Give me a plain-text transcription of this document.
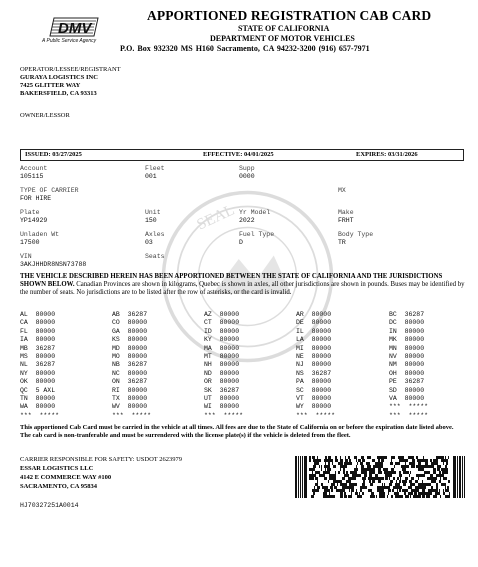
DMV
A Public Service Agency
APPORTIONED REGISTRATION CAB CARD
STATE OF CALIFORNIA
DEPARTMENT OF MOTOR VEHICLES
P.O. Box 932320 MS H160 Sacramento, CA 94232-3200 (916) 657-7971
OPERATOR/LESSEE/REGISTRANT
GURAYA LOGISTICS INC
7425 GLITTER WAY
BAKERSFIELD, CA 93313
OWNER/LESSOR
ISSUED: 03/27/2025	EFFECTIVE: 04/01/2025	EXPIRES: 03/31/2026
SEAL
Account
105115
Fleet
001
Supp
0000
TYPE OF CARRIER
FOR HIRE
MX
Plate
YP14929
Unit
150
Yr Model
2022
Make
FRHT
Unladen Wt
17500
Axles
03
Fuel Type
D
Body Type
TR
VIN
3AKJHHDR8NSN73788
Seats
THE VEHICLE DESCRIBED HEREIN HAS BEEN APPORTIONED BETWEEN THE STATE OF CALIFORNIA AND THE JURISDICTIONS SHOWN BELOW. Canadian Provinces are shown in kilograms, Quebec is shown in axles, all other jurisdictions are shown in pounds. Buses may be identified by the number of seats. No jurisdictions are to be listed after the row of asterisks, or the card is invalid.
AL  80000	AB  36287	AZ  80000	AR  80000	BC  36287
CA  80000	CO  80000	CT  80000	DE  80000	DC  80000
FL  80000	GA  80000	ID  80000	IL  80000	IN  80000
IA  80000	KS  80000	KY  80000	LA  80000	MK  80000
MB  36287	MD  80000	MA  80000	MI  80000	MN  80000
MS  80000	MO  80000	MT  80000	NE  80000	NV  80000
NL  36287	NB  36287	NH  80000	NJ  80000	NM  80000
NY  80000	NC  80000	ND  80000	NS  36287	OH  80000
OK  80000	ON  36287	OR  80000	PA  80000	PE  36287
QC  5 AXL	RI  80000	SK  36287	SC  80000	SD  80000
TN  80000	TX  80000	UT  80000	VT  80000	VA  80000
WA  80000	WV  80000	WI  80000	WY  80000	***  *****
***  *****	***  *****	***  *****	***  *****	***  *****
This apportioned Cab Card must be carried in the vehicle at all times. All fees are due to the State of California on or before the expiration date listed above. The cab card is non-tranferable and must be surrendered with the license plate(s) if the vehicle is deleted from the fleet.
CARRIER RESPONSIBLE FOR SAFETY: USDOT 2623979
ESSAR LOGISTICS LLC
4142 E COMMERCE WAY #100
SACRAMENTO, CA 95834
HJ70327251A0014
